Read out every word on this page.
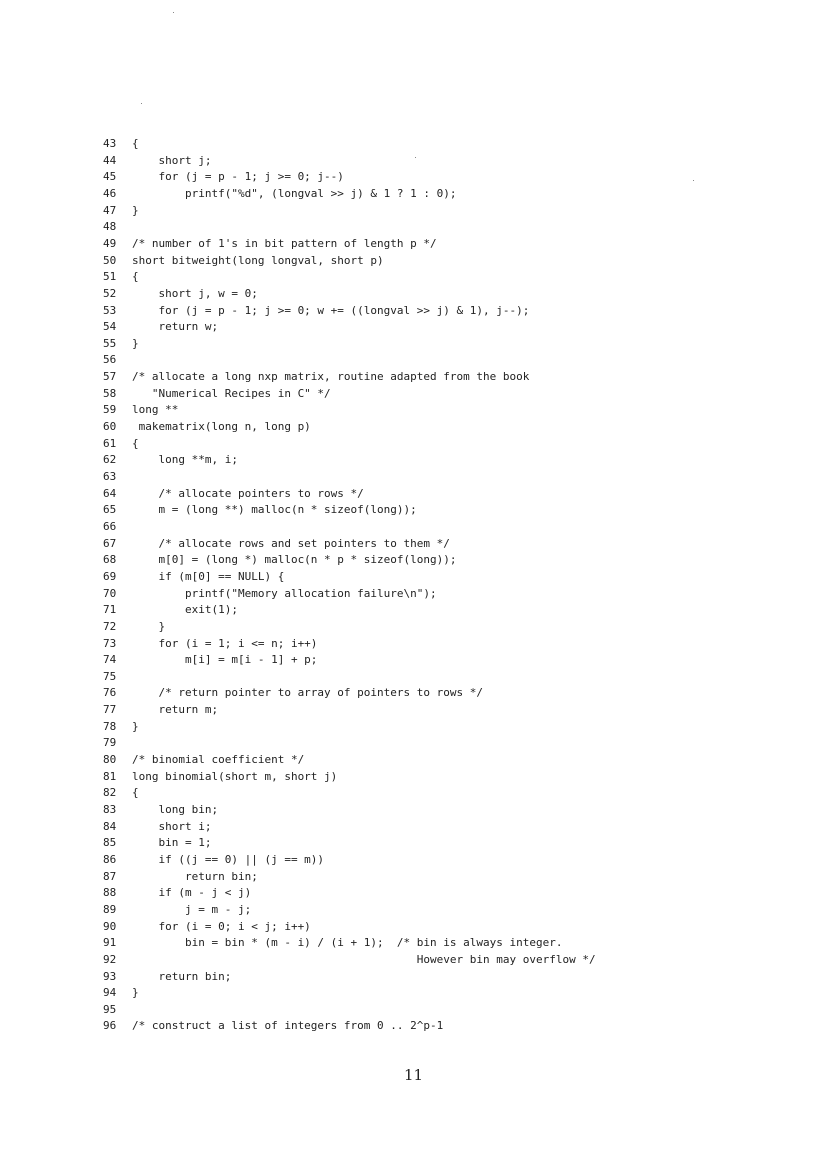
43	{
44	short j;
45	for (j = p - 1; j >= 0; j--)
46	printf("%d", (longval >> j) & 1 ? 1 : 0);
47	}
48
49	/* number of 1's in bit pattern of length p */
50	short bitweight(long longval, short p)
51	{
52	short j, w = 0;
53	for (j = p - 1; j >= 0; w += ((longval >> j) & 1), j--);
54	return w;
55	}
56
57	/* allocate a long nxp matrix, routine adapted from the book
58	"Numerical Recipes in C" */
59	long **
60	makematrix(long n, long p)
61	{
62	long **m, i;
63
64	/* allocate pointers to rows */
65	m = (long **) malloc(n * sizeof(long));
66
67	/* allocate rows and set pointers to them */
68	m[0] = (long *) malloc(n * p * sizeof(long));
69	if (m[0] == NULL) {
70	printf("Memory allocation failure\n");
71	exit(1);
72	}
73	for (i = 1; i <= n; i++)
74	m[i] = m[i - 1] + p;
75
76	/* return pointer to array of pointers to rows */
77	return m;
78	}
79
80	/* binomial coefficient */
81	long binomial(short m, short j)
82	{
83	long bin;
84	short i;
85	bin = 1;
86	if ((j == 0) || (j == m))
87	return bin;
88	if (m - j < j)
89	j = m - j;
90	for (i = 0; i < j; i++)
91	bin = bin * (m - i) / (i + 1);  /* bin is always integer.
92	However bin may overflow */
93	return bin;
94	}
95
96	/* construct a list of integers from 0 .. 2^p-1
11
